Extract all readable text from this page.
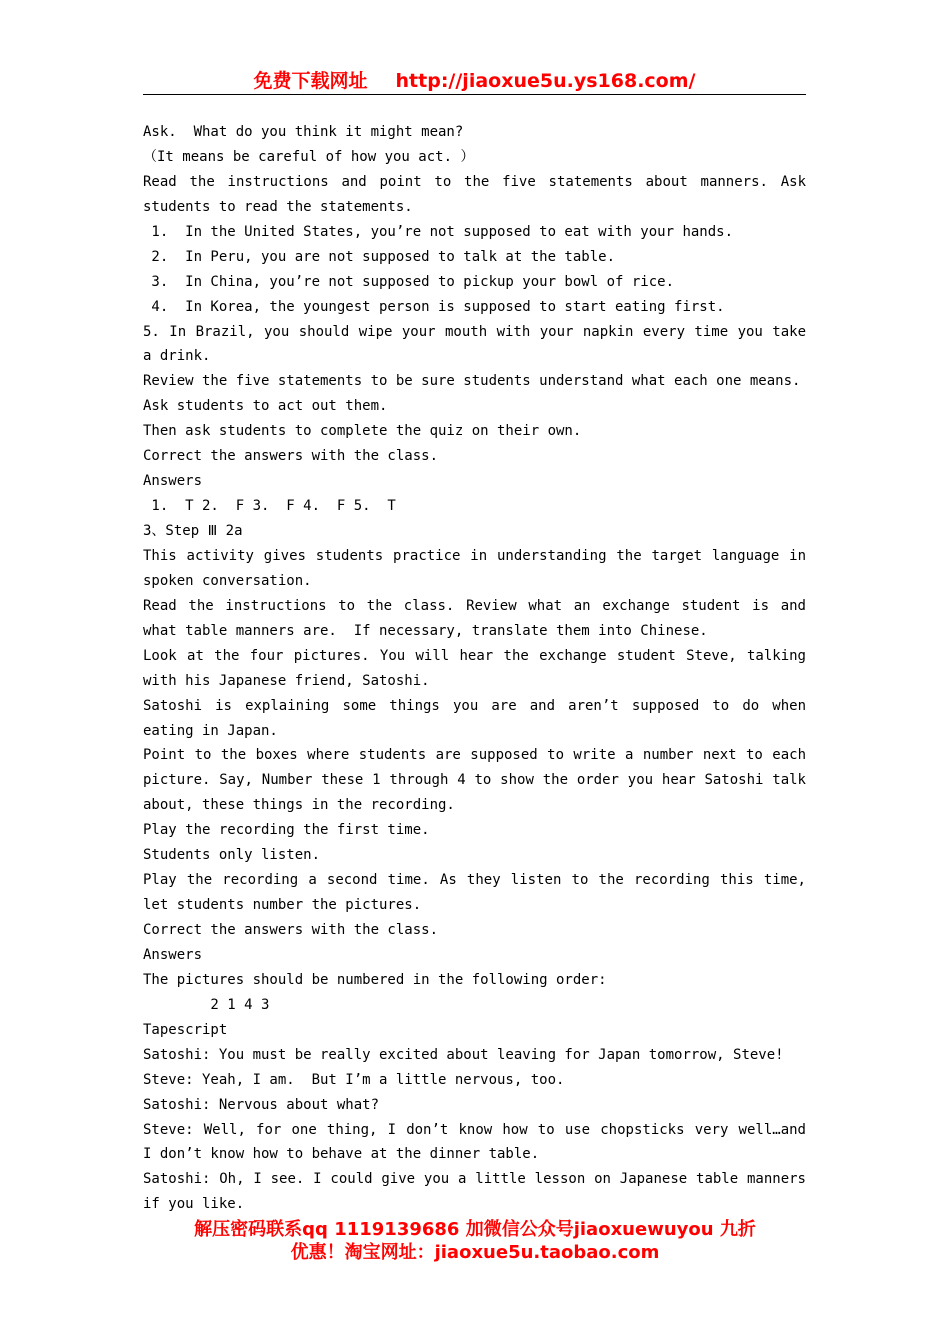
免费下载网址 http://jiaoxue5u.ys168.com/
Ask.  What do you think it might mean?
（It means be careful of how you act. ）
Read the instructions and point to the five statements about manners. Ask
students to read the statements.
1.  In the United States, you’re not supposed to eat with your hands.
2.  In Peru, you are not supposed to talk at the table.
3.  In China, you’re not supposed to pickup your bowl of rice.
4.  In Korea, the youngest person is supposed to start eating first.
5. In Brazil, you should wipe your mouth with your napkin every time you take
a drink.
Review the five statements to be sure students understand what each one means.
Ask students to act out them.
Then ask students to complete the quiz on their own.
Correct the answers with the class.
Answers
1.  T 2.  F 3.  F 4.  F 5.  T
3、Step Ⅲ 2a
This activity gives students practice in understanding the target language in
spoken conversation.
Read the instructions to the class. Review what an exchange student is and
what table manners are.  If necessary, translate them into Chinese.
Look at the four pictures. You will hear the exchange student Steve, talking
with his Japanese friend, Satoshi.
Satoshi is explaining some things you are and aren’t supposed to do when
eating in Japan.
Point to the boxes where students are supposed to write a number next to each
picture. Say, Number these 1 through 4 to show the order you hear Satoshi talk
about, these things in the recording.
Play the recording the first time.
Students only listen.
Play the recording a second time. As they listen to the recording this time,
let students number the pictures.
Correct the answers with the class.
Answers
The pictures should be numbered in the following order:
2 1 4 3
Tapescript
Satoshi: You must be really excited about leaving for Japan tomorrow, Steve!
Steve: Yeah, I am.  But I’m a little nervous, too.
Satoshi: Nervous about what?
Steve: Well, for one thing, I don’t know how to use chopsticks very well…and
I don’t know how to behave at the dinner table.
Satoshi: Oh, I see. I could give you a little lesson on Japanese table manners
if you like.
解压密码联系qq 1119139686 加微信公众号jiaoxuewuyou 九折
优惠！淘宝网址：jiaoxue5u.taobao.com
